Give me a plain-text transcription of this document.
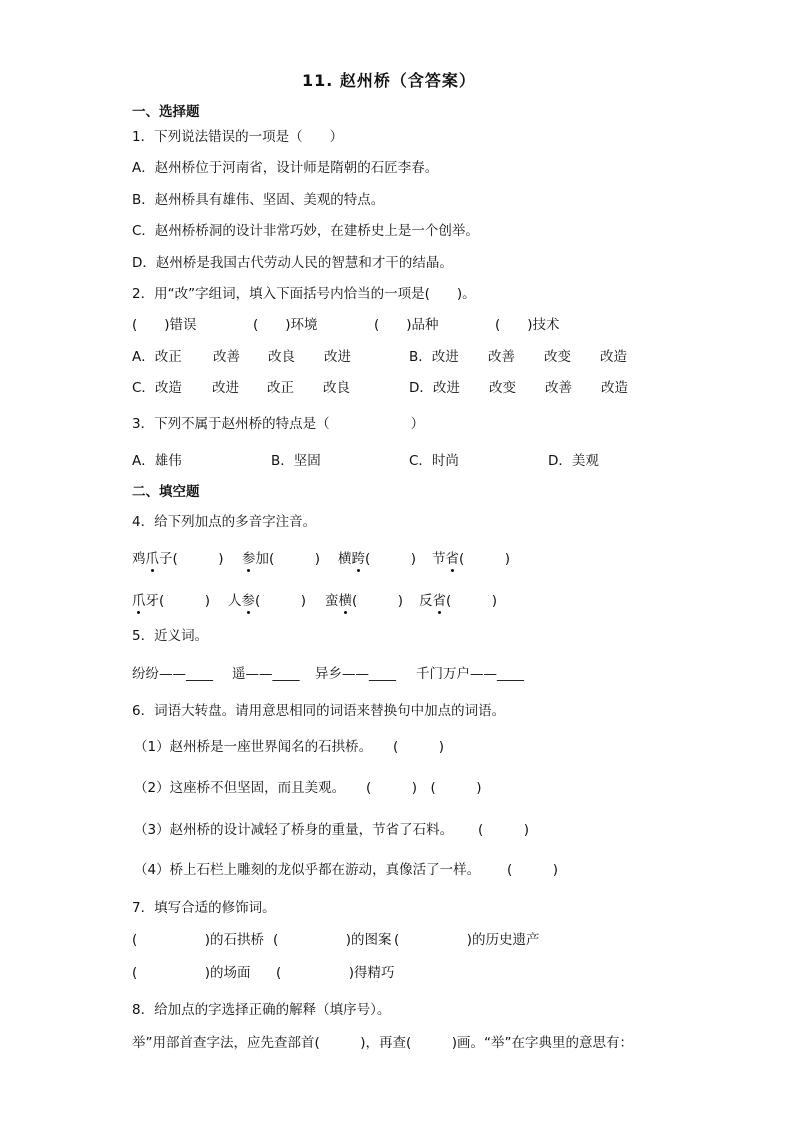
11. 赵州桥（含答案）
一、选择题
1．下列说法错误的一项是（　　）
A．赵州桥位于河南省，设计师是隋朝的石匠李春。
B．赵州桥具有雄伟、坚固、美观的特点。
C．赵州桥桥洞的设计非常巧妙，在建桥史上是一个创举。
D．赵州桥是我国古代劳动人民的智慧和才干的结晶。
2．用“改”字组词，填入下面括号内恰当的一项是(　　)。
(　　)错误	(　　)环境	(　　)品种	(　　)技术
A．改正 改善 改良 改进	B．改进 改善 改变 改造
C．改造 改进 改正 改良	D．改进 改变 改善 改造
3．下列不属于赵州桥的特点是（　　　　　　）
A．雄伟	B．坚固	C．时尚	D．美观
二、填空题
4．给下列加点的多音字注音。
鸡爪子(　　　) 参加(　　　) 横跨(　　　) 节省(　　　)
爪牙(　　　) 人参(　　　) 蛮横(　　　) 反省(　　　)
5．近义词。
纷纷——____ 遥——____ 异乡——____ 千门万户——____
6．词语大转盘。请用意思相同的词语来替换句中加点的词语。
（1）赵州桥是一座世界闻名的石拱桥。 (　　　)
（2）这座桥不但坚固，而且美观。 (　　　)　(　　　)
（3）赵州桥的设计减轻了桥身的重量，节省了石料。 (　　　)
（4）桥上石栏上雕刻的龙似乎都在游动，真像活了一样。 (　　　)
7．填写合适的修饰词。
(　　　　　)的石拱桥 (　　　　　)的图案 (　　　　　)的历史遗产
(　　　　　)的场面 (　　　　　)得精巧
8．给加点的字选择正确的解释（填序号）。
举”用部首查字法，应先查部首(　　　)，再查(　　　)画。“举”在字典里的意思有：
